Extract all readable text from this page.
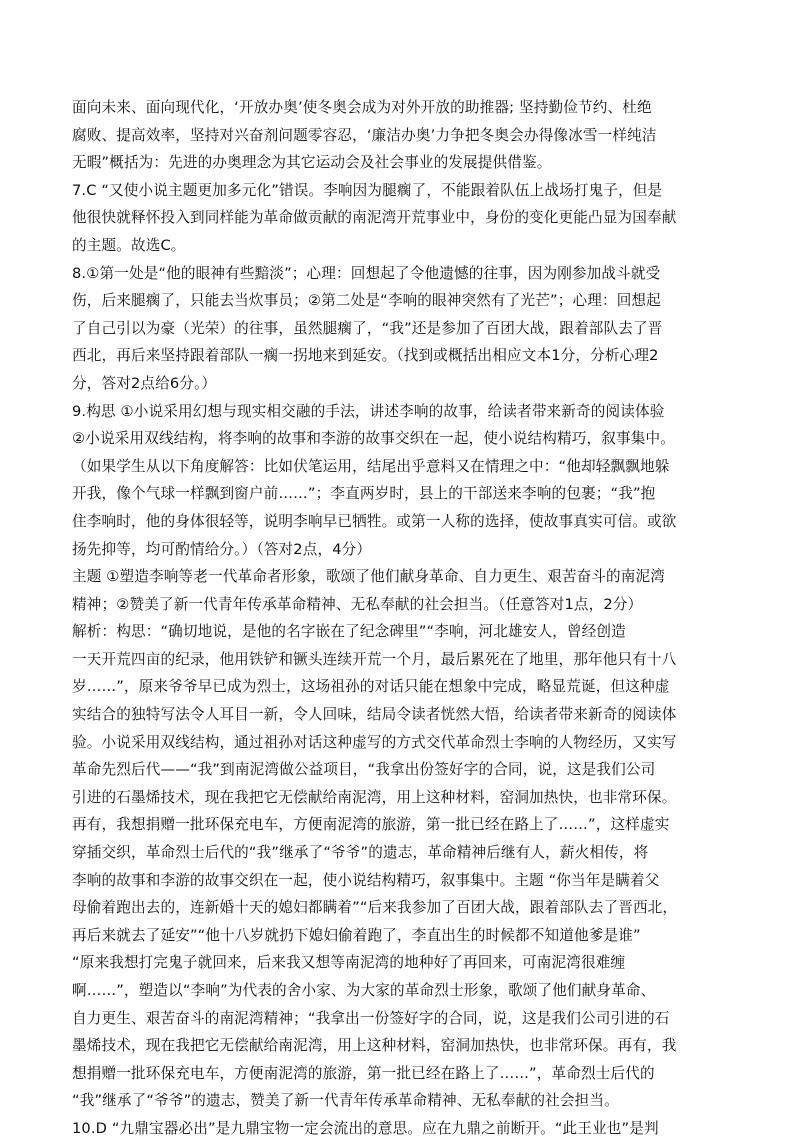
面向未来、面向现代化，‘开放办奥’使冬奥会成为对外开放的助推器; 坚持勤俭节约、杜绝
腐败、提高效率，坚持对兴奋剂问题零容忍，‘廉洁办奥’力争把冬奥会办得像冰雪一样纯洁
无暇”概括为：先进的办奥理念为其它运动会及社会事业的发展提供借鉴。
7.C “又使小说主题更加多元化”错误。李响因为腿瘸了，不能跟着队伍上战场打鬼子，但是
他很快就释怀投入到同样能为革命做贡献的南泥湾开荒事业中，身份的变化更能凸显为国奉献
的主题。故选C。
8.①第一处是“他的眼神有些黯淡”；心理：回想起了令他遗憾的往事，因为刚参加战斗就受
伤，后来腿瘸了，只能去当炊事员；②第二处是“李响的眼神突然有了光芒”；心理：回想起
了自己引以为豪（光荣）的往事，虽然腿瘸了，“我”还是参加了百团大战，跟着部队去了晋
西北，再后来坚持跟着部队一瘸一拐地来到延安。（找到或概括出相应文本1分，分析心理2
分，答对2点给6分。）
9.构思 ①小说采用幻想与现实相交融的手法，讲述李响的故事，给读者带来新奇的阅读体验
②小说采用双线结构，将李响的故事和李游的故事交织在一起，使小说结构精巧，叙事集中。
（如果学生从以下角度解答：比如伏笔运用，结尾出乎意料又在情理之中：“他却轻飘飘地躲
开我，像个气球一样飘到窗户前……”；李直两岁时，县上的干部送来李响的包裹；“我”抱
住李响时，他的身体很轻等，说明李响早已牺牲。或第一人称的选择，使故事真实可信。或欲
扬先抑等，均可酌情给分。）（答对2点，4分）
主题 ①塑造李响等老一代革命者形象，歌颂了他们献身革命、自力更生、艰苦奋斗的南泥湾
精神；②赞美了新一代青年传承革命精神、无私奉献的社会担当。（任意答对1点，2分）
解析：构思：“确切地说，是他的名字嵌在了纪念碑里”“李响，河北雄安人，曾经创造
一天开荒四亩的纪录，他用铁铲和镢头连续开荒一个月，最后累死在了地里，那年他只有十八
岁……”，原来爷爷早已成为烈士，这场祖孙的对话只能在想象中完成，略显荒诞，但这种虚
实结合的独特写法令人耳目一新，令人回味，结局令读者恍然大悟，给读者带来新奇的阅读体
验。小说采用双线结构，通过祖孙对话这种虚写的方式交代革命烈士李响的人物经历，又实写
革命先烈后代——“我”到南泥湾做公益项目，“我拿出份签好字的合同，说，这是我们公司
引进的石墨烯技术，现在我把它无偿献给南泥湾，用上这种材料，窑洞加热快，也非常环保。
再有，我想捐赠一批环保充电车，方便南泥湾的旅游，第一批已经在路上了……”，这样虚实
穿插交织，革命烈士后代的“我”继承了“爷爷”的遗志，革命精神后继有人，薪火相传，将
李响的故事和李游的故事交织在一起，使小说结构精巧，叙事集中。主题 “你当年是瞒着父
母偷着跑出去的，连新婚十天的媳妇都瞒着”“后来我参加了百团大战，跟着部队去了晋西北，
再后来就去了延安”“他十八岁就扔下媳妇偷着跑了，李直出生的时候都不知道他爹是谁”
“原来我想打完鬼子就回来，后来我又想等南泥湾的地种好了再回来，可南泥湾很难缠
啊……”，塑造以“李响”为代表的舍小家、为大家的革命烈士形象，歌颂了他们献身革命、
自力更生、艰苦奋斗的南泥湾精神；“我拿出一份签好字的合同，说，这是我们公司引进的石
墨烯技术，现在我把它无偿献给南泥湾，用上这种材料，窑洞加热快，也非常环保。再有，我
想捐赠一批环保充电车，方便南泥湾的旅游，第一批已经在路上了……”，革命烈士后代的
“我”继承了“爷爷”的遗志，赞美了新一代青年传承革命精神、无私奉献的社会担当。
10.D “九鼎宝器必出”是九鼎宝物一定会流出的意思。应在九鼎之前断开。“此王业也”是判
